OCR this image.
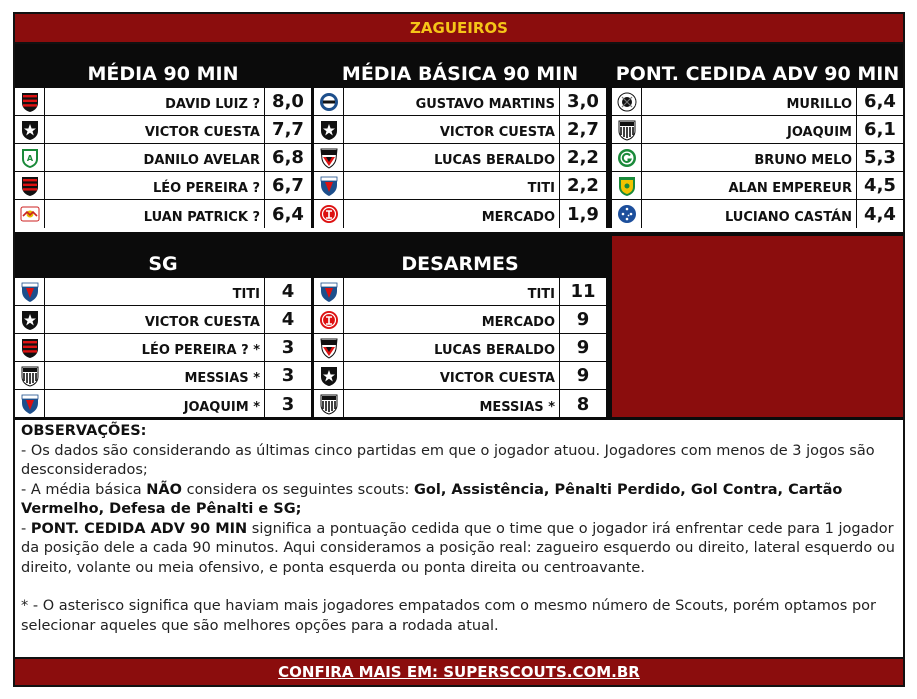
ZAGUEIROS
MÉDIA 90 MIN
DAVID LUIZ ? 8,0
VICTOR CUESTA 7,7
A	DANILO AVELAR 6,8
LÉO PEREIRA ? 6,7
LUAN PATRICK ? 6,4
MÉDIA BÁSICA 90 MIN
GUSTAVO MARTINS 3,0
VICTOR CUESTA 2,7
LUCAS BERALDO 2,2
TITI 2,2
MERCADO 1,9
PONT. CEDIDA ADV 90 MIN
MURILLO 6,4
JOAQUIM 6,1
BRUNO MELO 5,3
ALAN EMPEREUR 4,5
LUCIANO CASTÁN 4,4
SG
TITI	4
VICTOR CUESTA	4
LÉO PEREIRA ? *	3
MESSIAS *	3
JOAQUIM *	3
DESARMES
TITI 11
MERCADO	9
LUCAS BERALDO	9
VICTOR CUESTA	9
MESSIAS *	8
OBSERVAÇÕES:
- Os dados são considerando as últimas cinco partidas em que o jogador atuou. Jogadores com menos de 3 jogos são desconsiderados;
- A média básica NÃO considera os seguintes scouts: Gol, Assistência, Pênalti Perdido, Gol Contra, Cartão Vermelho, Defesa de Pênalti e SG;
- PONT. CEDIDA ADV 90 MIN significa a pontuação cedida que o time que o jogador irá enfrentar cede para 1 jogador da posição dele a cada 90 minutos. Aqui consideramos a posição real: zagueiro esquerdo ou direito, lateral esquerdo ou direito, volante ou meia ofensivo, e ponta esquerda ou ponta direita ou centroavante.
* - O asterisco significa que haviam mais jogadores empatados com o mesmo número de Scouts, porém optamos por selecionar aqueles que são melhores opções para a rodada atual.
CONFIRA MAIS EM: SUPERSCOUTS.COM.BR
